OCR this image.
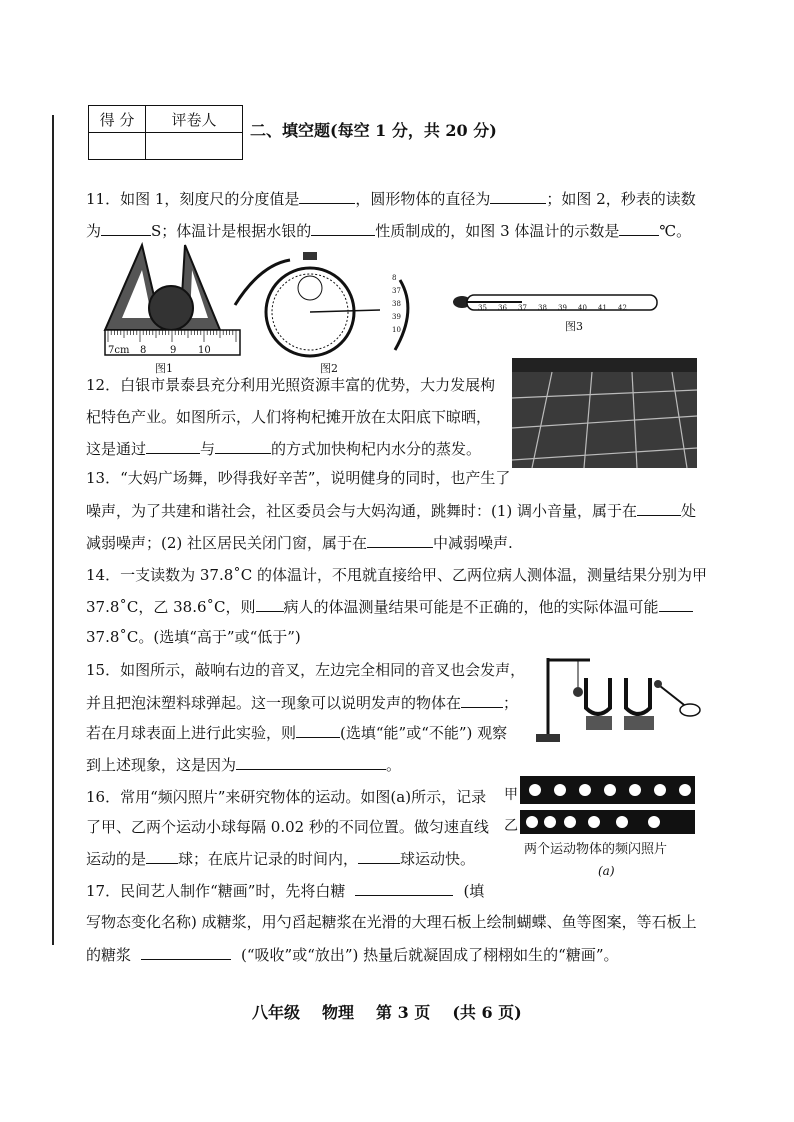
得 分	评卷人

二、填空题(每空 1 分，共 20 分)
11．如图 1，刻度尺的分度值是	，圆形物体的直径为	；如图 2，秒表的读数
为	S；体温计是根据水银的	性质制成的，如图 3 体温计的示数是	℃。
7cm 8 9 10
图1
8
37
38
39
10
图2
35 36 37 38 39 40 41 42
图3
12．白银市景泰县充分利用光照资源丰富的优势，大力发展枸
杞特色产业。如图所示，人们将枸杞摊开放在太阳底下晾晒，
这是通过	与	的方式加快枸杞内水分的蒸发。
13．“大妈广场舞，吵得我好辛苦”，说明健身的同时，也产生了
噪声，为了共建和谐社会，社区委员会与大妈沟通，跳舞时：(1) 调小音量，属于在	处
减弱噪声；(2) 社区居民关闭门窗，属于在	中减弱噪声.
14．一支读数为 37.8˚C 的体温计，不甩就直接给甲、乙两位病人测体温，测量结果分别为甲
37.8˚C，乙 38.6˚C，则 病人的体温测量结果可能是不正确的，他的实际体温可能
37.8˚C。(选填“高于”或“低于”)
15．如图所示，敲响右边的音叉，左边完全相同的音叉也会发声，
并且把泡沫塑料球弹起。这一现象可以说明发声的物体在	；
若在月球表面上进行此实验，则	(选填“能”或“不能”) 观察
到上述现象，这是因为	。
16．常用“频闪照片”来研究物体的运动。如图(a)所示，记录
了甲、乙两个运动小球每隔 0.02 秒的不同位置。做匀速直线
运动的是 球；在底片记录的时间内，	球运动快。
甲
乙
两个运动物体的频闪照片
(a)
17．民间艺人制作“糖画”时，先将白糖	(填
写物态变化名称) 成糖浆，用勺舀起糖浆在光滑的大理石板上绘制蝴蝶、鱼等图案，等石板上
的糖浆	(“吸收”或“放出”) 热量后就凝固成了栩栩如生的“糖画”。
八年级 物理 第 3 页 (共 6 页)
